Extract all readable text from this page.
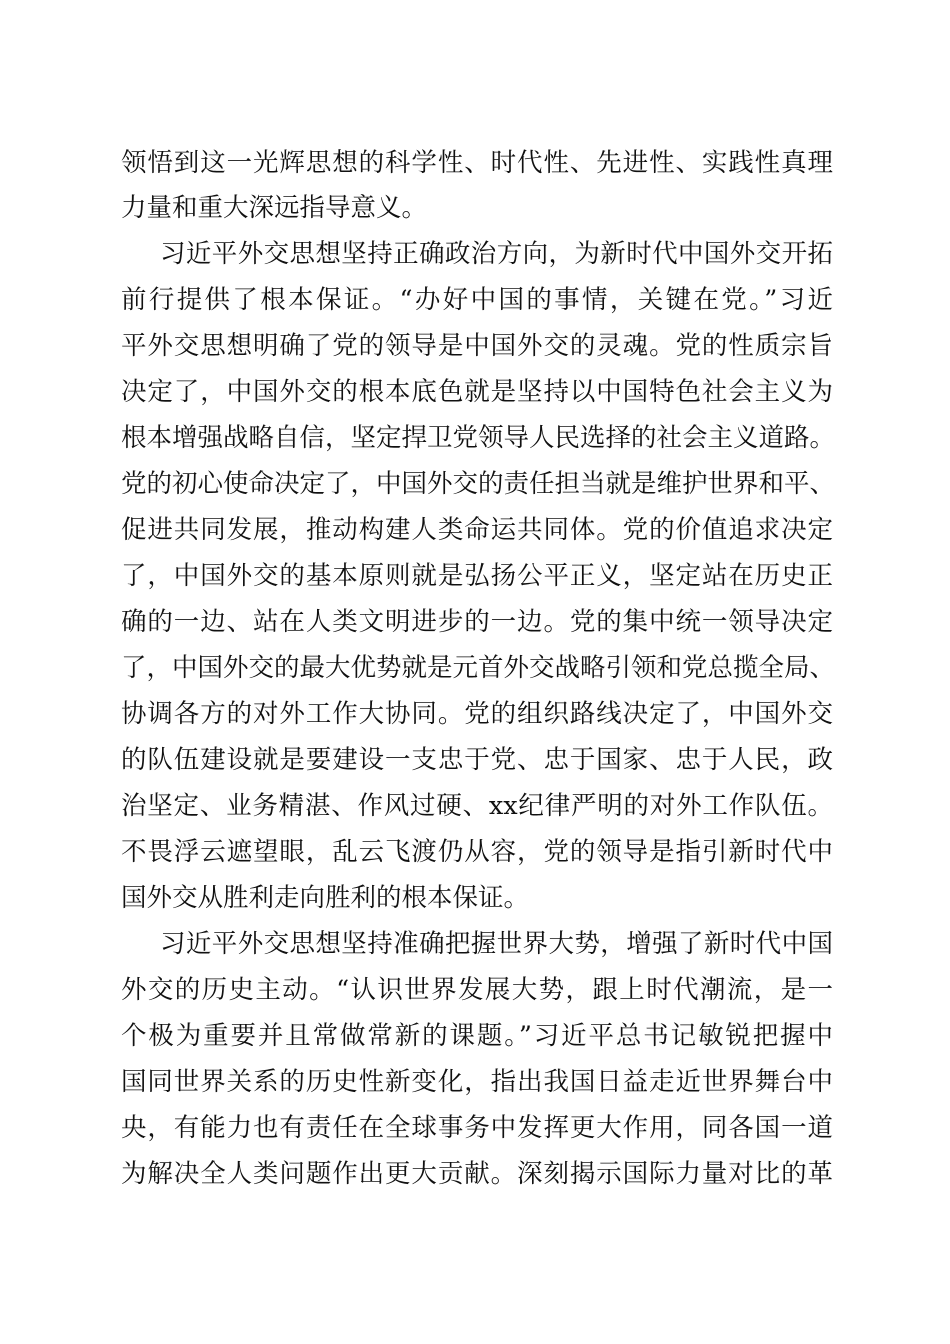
领悟到这一光辉思想的科学性、时代性、先进性、实践性真理
力量和重大深远指导意义。
习近平外交思想坚持正确政治方向，为新时代中国外交开拓
前行提供了根本保证。“办好中国的事情，关键在党。”习近
平外交思想明确了党的领导是中国外交的灵魂。党的性质宗旨
决定了，中国外交的根本底色就是坚持以中国特色社会主义为
根本增强战略自信，坚定捍卫党领导人民选择的社会主义道路。
党的初心使命决定了，中国外交的责任担当就是维护世界和平、
促进共同发展，推动构建人类命运共同体。党的价值追求决定
了，中国外交的基本原则就是弘扬公平正义，坚定站在历史正
确的一边、站在人类文明进步的一边。党的集中统一领导决定
了，中国外交的最大优势就是元首外交战略引领和党总揽全局、
协调各方的对外工作大协同。党的组织路线决定了，中国外交
的队伍建设就是要建设一支忠于党、忠于国家、忠于人民，政
治坚定、业务精湛、作风过硬、xx纪律严明的对外工作队伍。
不畏浮云遮望眼，乱云飞渡仍从容，党的领导是指引新时代中
国外交从胜利走向胜利的根本保证。
习近平外交思想坚持准确把握世界大势，增强了新时代中国
外交的历史主动。“认识世界发展大势，跟上时代潮流，是一
个极为重要并且常做常新的课题。”习近平总书记敏锐把握中
国同世界关系的历史性新变化，指出我国日益走近世界舞台中
央，有能力也有责任在全球事务中发挥更大作用，同各国一道
为解决全人类问题作出更大贡献。深刻揭示国际力量对比的革
